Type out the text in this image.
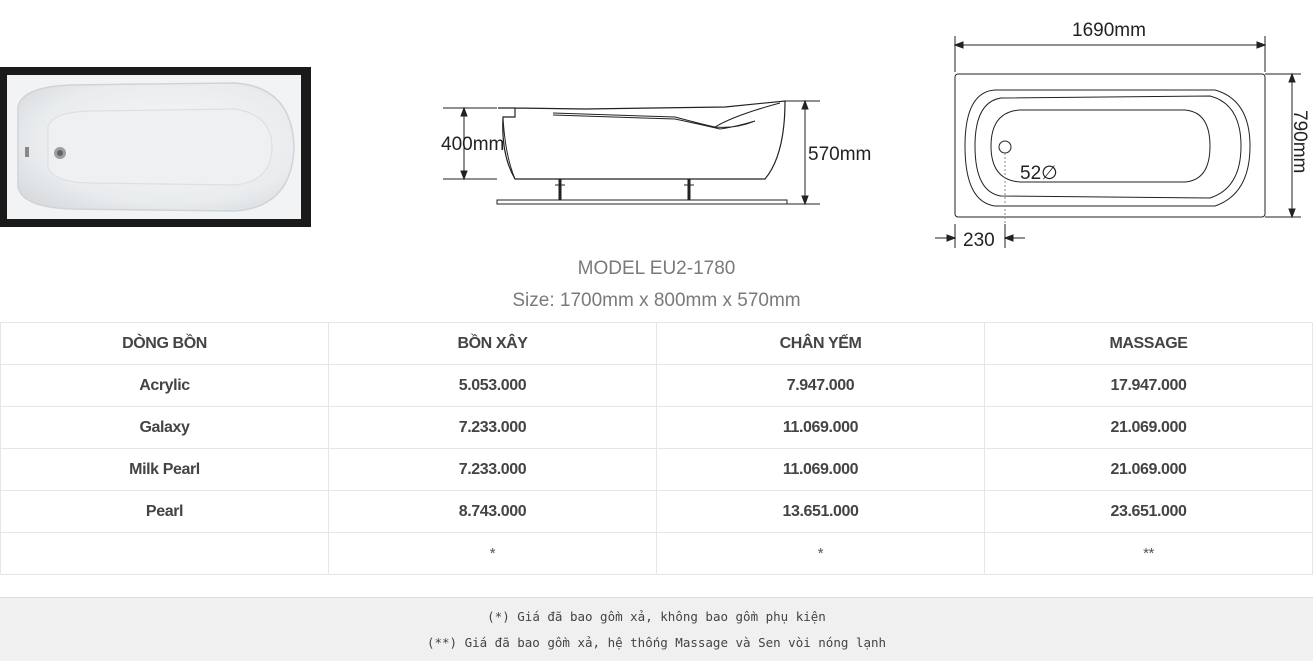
400mm	570mm
1690mm
790mm
52∅
230
MODEL EU2-1780
Size: 1700mm x 800mm x 570mm
DÒNG BỒN	BỒN XÂY	CHÂN YẾM	MASSAGE
Acrylic	5.053.000	7.947.000	17.947.000
Galaxy	7.233.000	11.069.000	21.069.000
Milk Pearl	7.233.000	11.069.000	21.069.000
Pearl	8.743.000	13.651.000	23.651.000
	*	*	**
(*) Giá đã bao gồm xả, không bao gồm phụ kiện
(**) Giá đã bao gồm xả, hệ thống Massage và Sen vòi nóng lạnh
